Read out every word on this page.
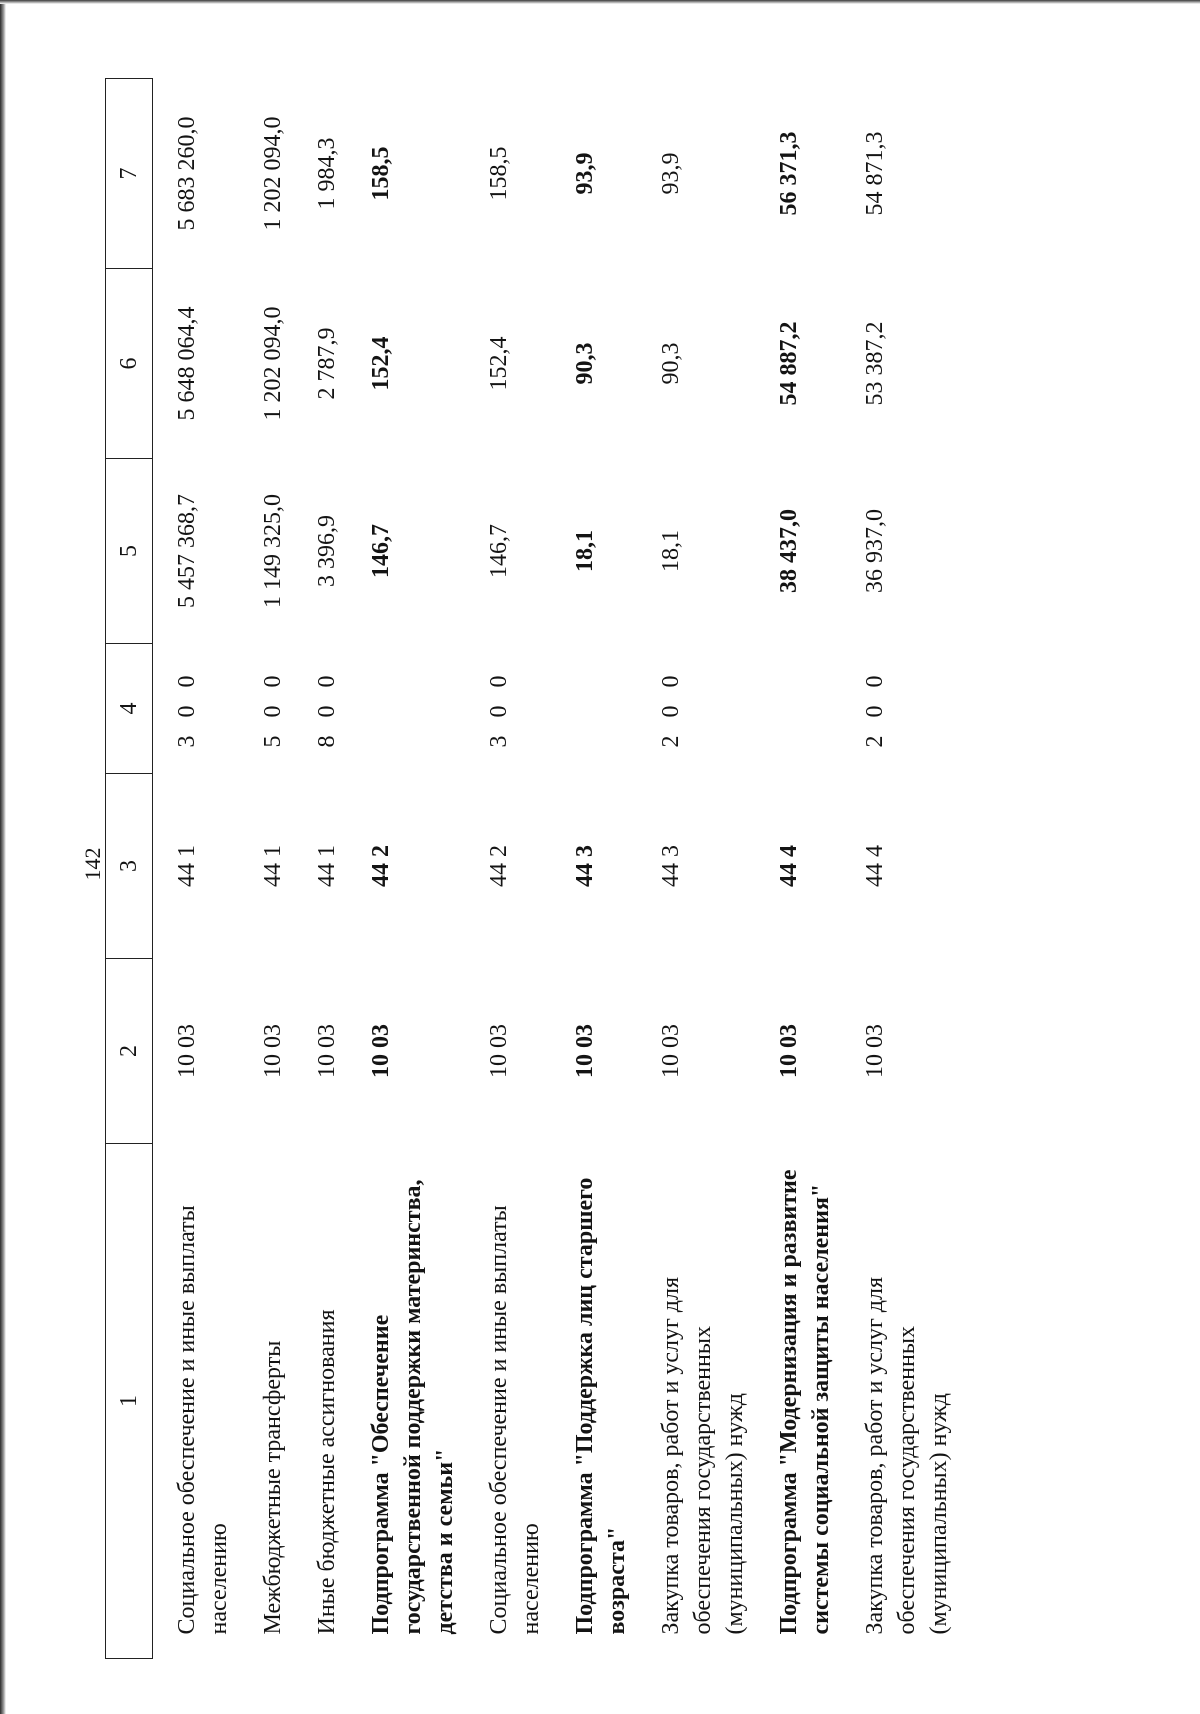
142
1	2	3	4	5	6	7
Социальное обеспечение и иные выплаты населению	10 03	44 1	3 0 0	5 457 368,7	5 648 064,4	5 683 260,0
Межбюджетные трансферты	10 03	44 1	5 0 0	1 149 325,0	1 202 094,0	1 202 094,0
Иные бюджетные ассигнования	10 03	44 1	8 0 0	3 396,9	2 787,9	1 984,3
Подпрограмма "Обеспечение государственной поддержки материнства, детства и семьи"	10 03	44 2		146,7	152,4	158,5
Социальное обеспечение и иные выплаты населению	10 03	44 2	3 0 0	146,7	152,4	158,5
Подпрограмма "Поддержка лиц старшего возраста"	10 03	44 3		18,1	90,3	93,9
Закупка товаров, работ и услуг для обеспечения государственных (муниципальных) нужд	10 03	44 3	2 0 0	18,1	90,3	93,9
Подпрограмма "Модернизация и развитие системы социальной защиты населения"	10 03	44 4		38 437,0	54 887,2	56 371,3
Закупка товаров, работ и услуг для обеспечения государственных (муниципальных) нужд	10 03	44 4	2 0 0	36 937,0	53 387,2	54 871,3
